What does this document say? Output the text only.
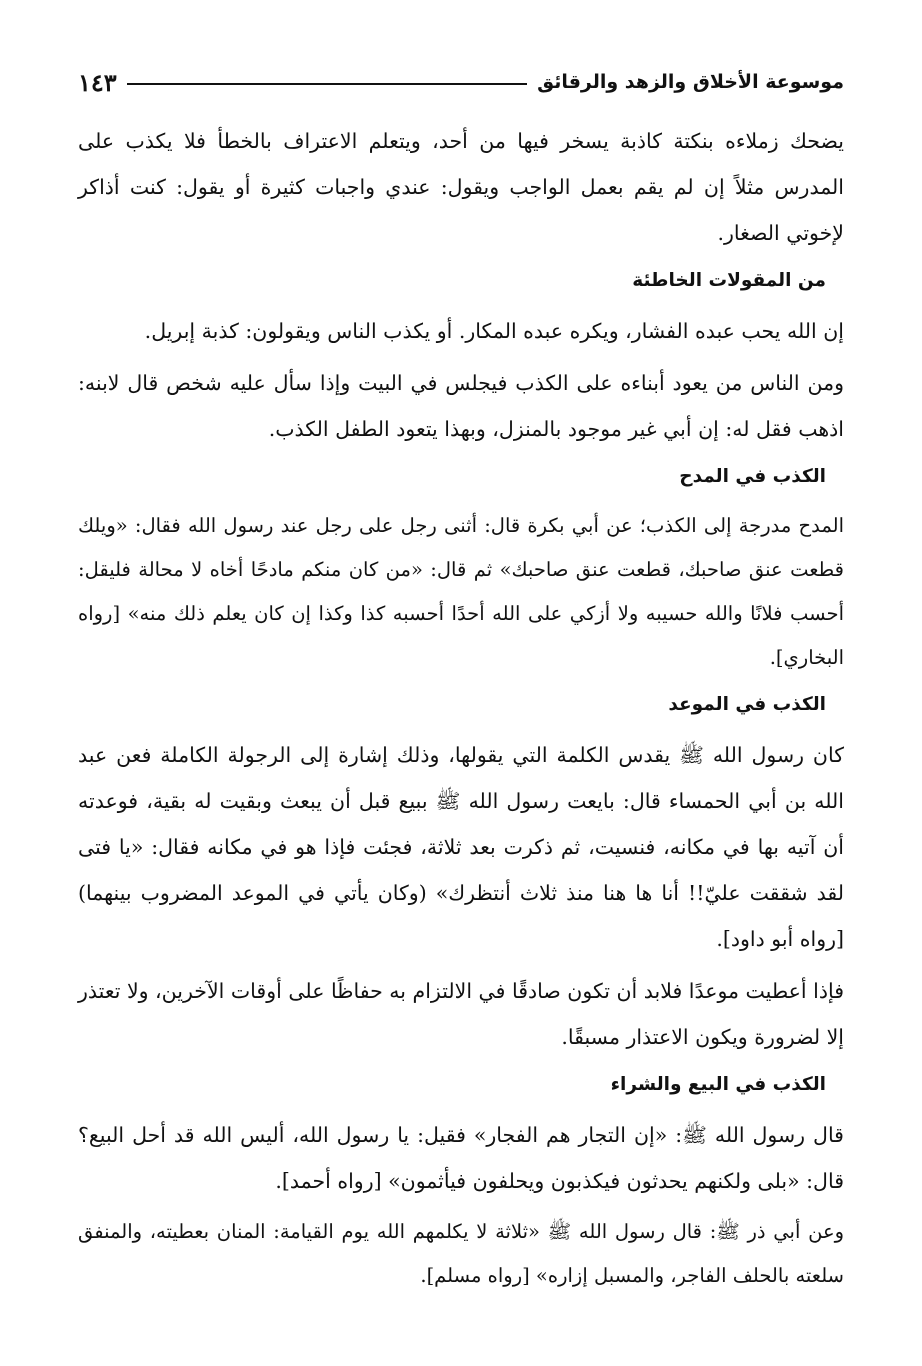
موسوعة الأخلاق والزهد والرقائق
١٤٣

يضحك زملاءه بنكتة كاذبة يسخر فيها من أحد، ويتعلم الاعتراف بالخطأ فلا يكذب على المدرس مثلاً إن لم يقم بعمل الواجب ويقول: عندي واجبات كثيرة أو يقول: كنت أذاكر لإخوتي الصغار.

من المقولات الخاطئة

إن الله يحب عبده الفشار، ويكره عبده المكار. أو يكذب الناس ويقولون: كذبة إبريل.

ومن الناس من يعود أبناءه على الكذب فيجلس في البيت وإذا سأل عليه شخص قال لابنه: اذهب فقل له: إن أبي غير موجود بالمنزل، وبهذا يتعود الطفل الكذب.

الكذب في المدح

المدح مدرجة إلى الكذب؛ عن أبي بكرة قال: أثنى رجل على رجل عند رسول الله فقال: «ويلك قطعت عنق صاحبك، قطعت عنق صاحبك» ثم قال: «من كان منكم مادحًا أخاه لا محالة فليقل: أحسب فلانًا والله حسيبه ولا أزكي على الله أحدًا أحسبه كذا وكذا إن كان يعلم ذلك منه» [رواه البخاري].

الكذب في الموعد

كان رسول الله ﷺ يقدس الكلمة التي يقولها، وذلك إشارة إلى الرجولة الكاملة فعن عبد الله بن أبي الحمساء قال: بايعت رسول الله ﷺ ببيع قبل أن يبعث وبقيت له بقية، فوعدته أن آتيه بها في مكانه، فنسيت، ثم ذكرت بعد ثلاثة، فجئت فإذا هو في مكانه فقال: «يا فتى لقد شققت عليّ!! أنا ها هنا منذ ثلاث أنتظرك» (وكان يأتي في الموعد المضروب بينهما) [رواه أبو داود].

فإذا أعطيت موعدًا فلابد أن تكون صادقًا في الالتزام به حفاظًا على أوقات الآخرين، ولا تعتذر إلا لضرورة ويكون الاعتذار مسبقًا.

الكذب في البيع والشراء

قال رسول الله ﷺ: «إن التجار هم الفجار» فقيل: يا رسول الله، أليس الله قد أحل البيع؟ قال: «بلى ولكنهم يحدثون فيكذبون ويحلفون فيأثمون» [رواه أحمد].

وعن أبي ذر ﷺ: قال رسول الله ﷺ «ثلاثة لا يكلمهم الله يوم القيامة: المنان بعطيته، والمنفق سلعته بالحلف الفاجر، والمسبل إزاره» [رواه مسلم].
